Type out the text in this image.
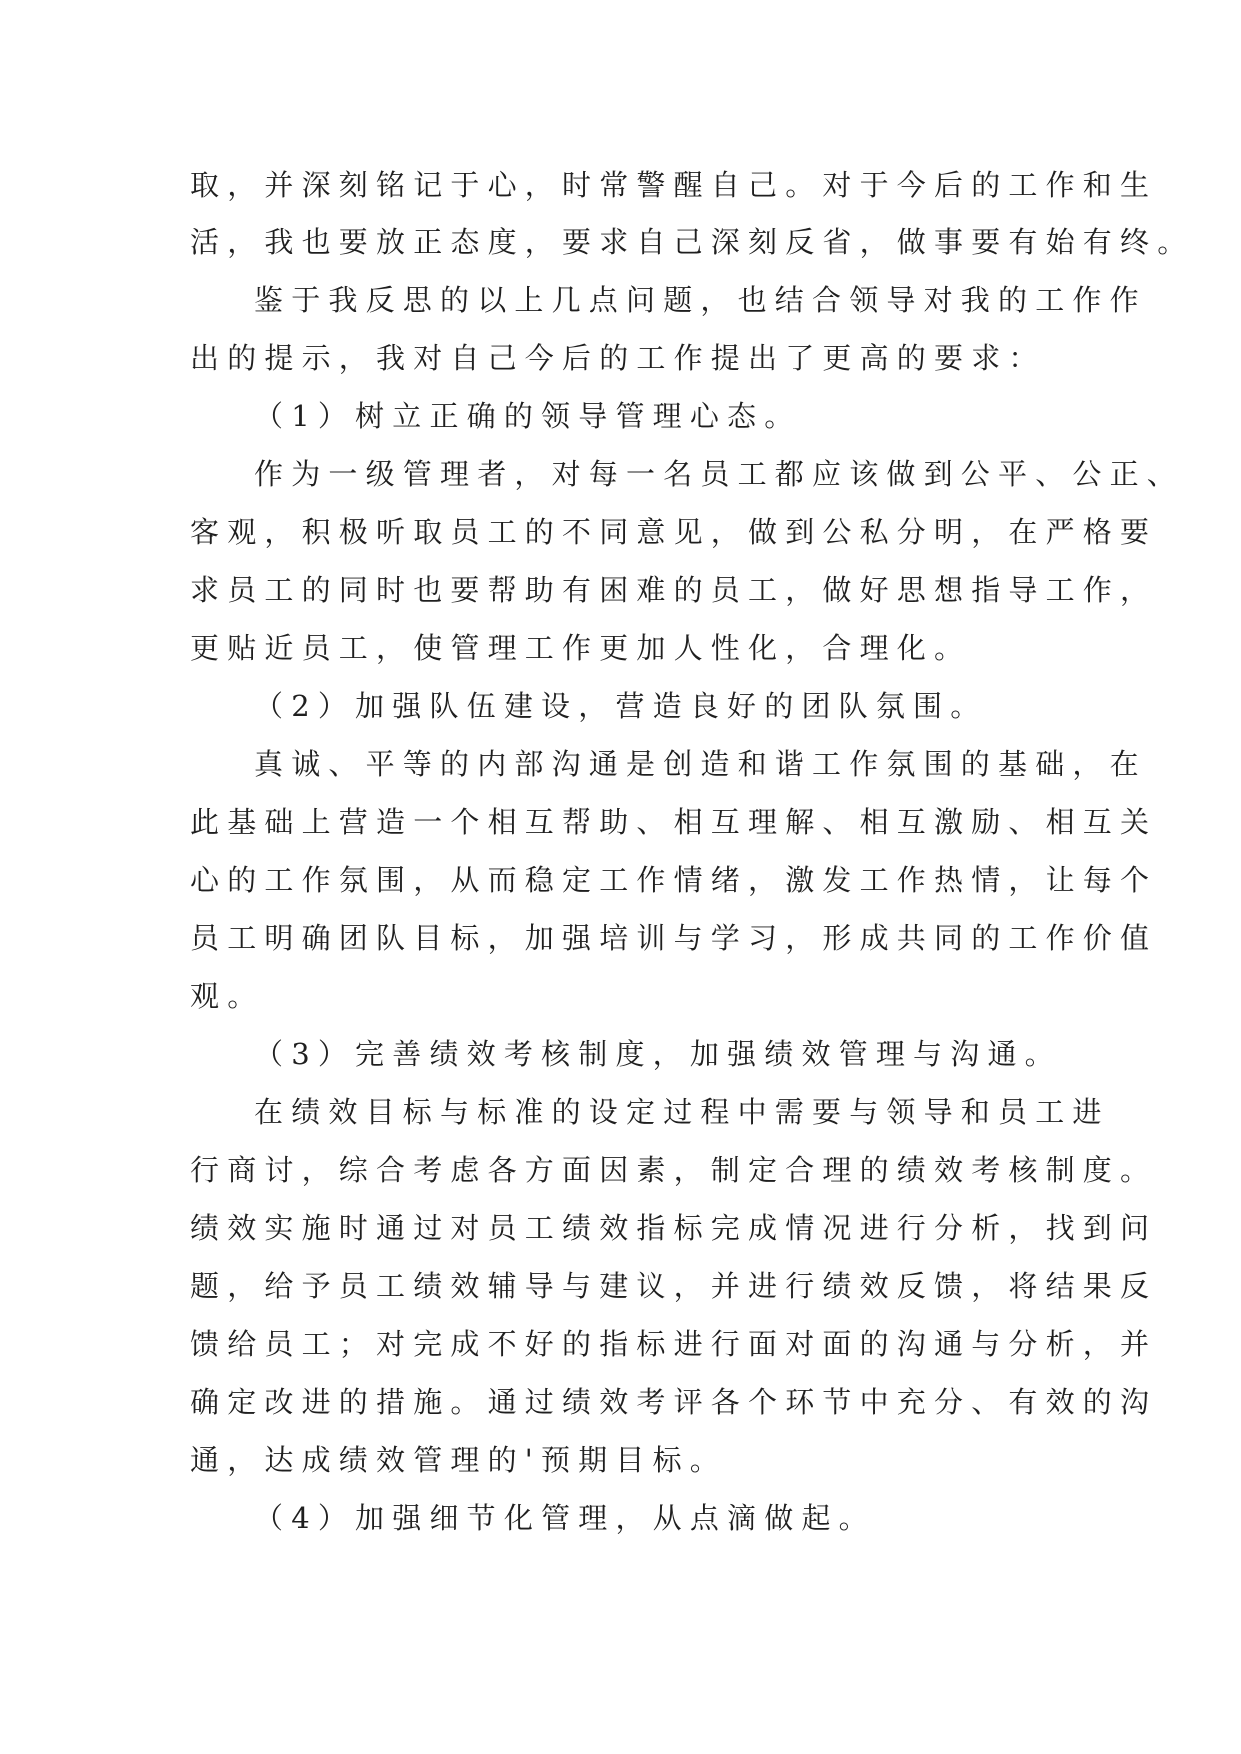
取，并深刻铭记于心，时常警醒自己。对于今后的工作和生
活，我也要放正态度，要求自己深刻反省，做事要有始有终。
鉴于我反思的以上几点问题，也结合领导对我的工作作
出的提示，我对自己今后的工作提出了更高的要求：
（1）树立正确的领导管理心态。
作为一级管理者，对每一名员工都应该做到公平、公正、
客观，积极听取员工的不同意见，做到公私分明，在严格要
求员工的同时也要帮助有困难的员工，做好思想指导工作，
更贴近员工，使管理工作更加人性化，合理化。
（2）加强队伍建设，营造良好的团队氛围。
真诚、平等的内部沟通是创造和谐工作氛围的基础，在
此基础上营造一个相互帮助、相互理解、相互激励、相互关
心的工作氛围，从而稳定工作情绪，激发工作热情，让每个
员工明确团队目标，加强培训与学习，形成共同的工作价值
观。
（3）完善绩效考核制度，加强绩效管理与沟通。
在绩效目标与标准的设定过程中需要与领导和员工进
行商讨，综合考虑各方面因素，制定合理的绩效考核制度。
绩效实施时通过对员工绩效指标完成情况进行分析，找到问
题，给予员工绩效辅导与建议，并进行绩效反馈，将结果反
馈给员工；对完成不好的指标进行面对面的沟通与分析，并
确定改进的措施。通过绩效考评各个环节中充分、有效的沟
通，达成绩效管理的'预期目标。
（4）加强细节化管理，从点滴做起。
